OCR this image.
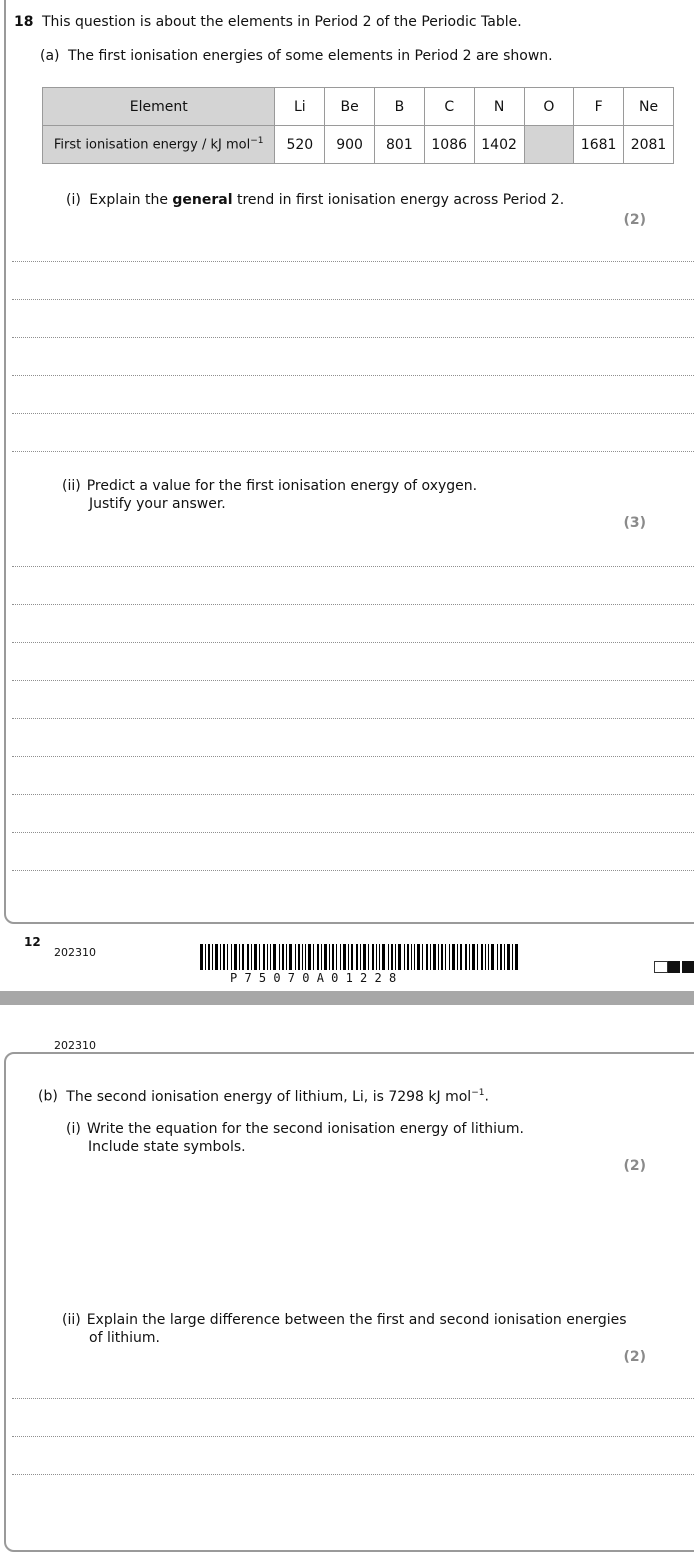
18 This question is about the elements in Period 2 of the Periodic Table.
(a) The first ionisation energies of some elements in Period 2 are shown.
Element	Li	Be	B	C	N	O	F	Ne
First ionisation energy / kJ mol$^{-1}$	520	900	801	1086	1402		1681	2081
(i) Explain the general trend in first ionisation energy across Period 2.
(2)
(ii) Predict a value for the first ionisation energy of oxygen.
Justify your answer.
(3)
12
202310
P 7 5 0 7 0 A 0 1 2 2 8
202310
(b) The second ionisation energy of lithium, Li, is 7298 kJ mol$^{-1}$.
(i) Write the equation for the second ionisation energy of lithium.
Include state symbols.
(2)
(ii) Explain the large difference between the first and second ionisation energies
of lithium.
(2)
